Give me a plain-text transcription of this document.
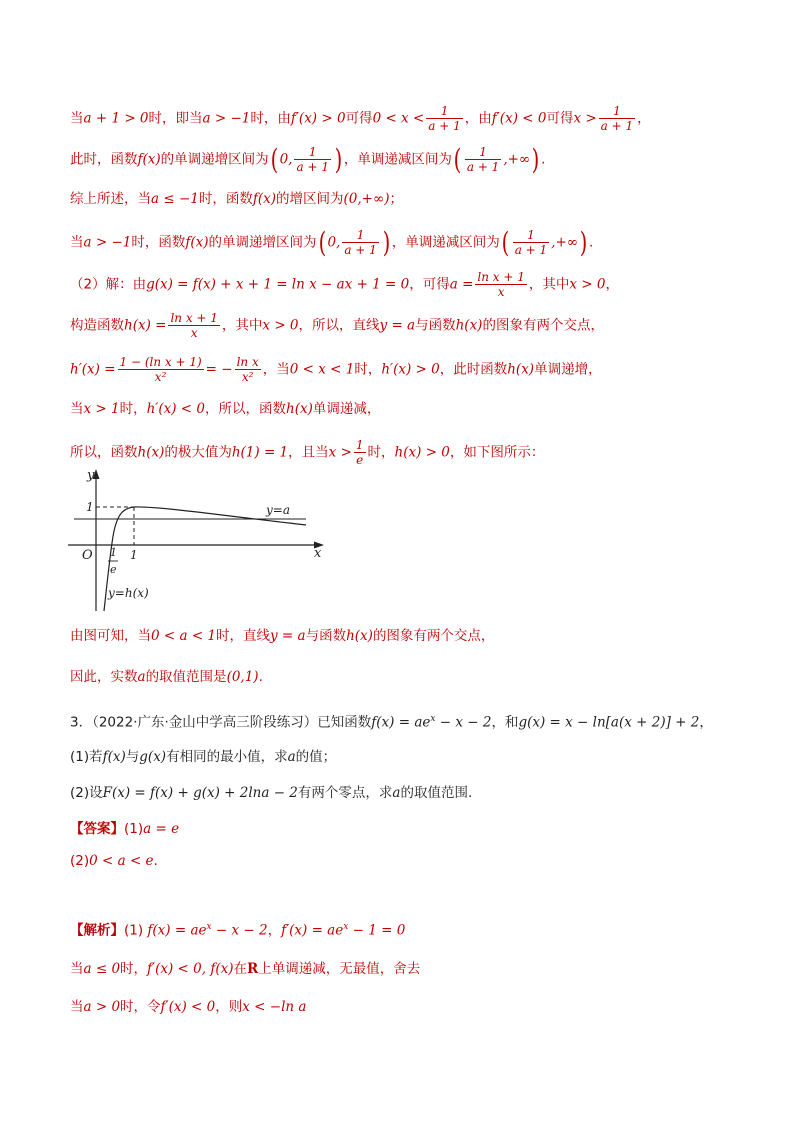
当a + 1 > 0时，即当a > −1时，由f′(x) > 0可得$0 < x < \frac{1}{a + 1}$ ，由f′(x) < 0可得$x > \frac{1}{a + 1}$ ，
此时，函数f(x)的单调递增区间为( 0, $\frac{1}{a + 1}$ ) ，单调递减区间为( $\frac{1}{a + 1}$ ,+∞) .
综上所述，当a ≤ −1时，函数f(x)的增区间为(0,+∞)；
当a > −1时，函数f(x)的单调递增区间为( 0, $\frac{1}{a + 1}$ ) ，单调递减区间为( $\frac{1}{a + 1}$ ,+∞) .
（2）解：由g(x) = f(x) + x + 1 = ln x − ax + 1 = 0，可得$a = \frac{\text{ln x + 1}}{x}$ ，其中x > 0，
构造函数$h(x) = \frac{\text{ln x + 1}}{x}$ ，其中x > 0，所以，直线y = a与函数h(x)的图象有两个交点，
$h'(x) = \frac{\text{1 − (ln x + 1)}}{\text{x²}}$ = − $\frac{\text{ln x}}{\text{x²}}$ ，当0 < x < 1时，h′(x) > 0，此时函数h(x)单调递增，
当x > 1时，h′(x) < 0，所以，函数h(x)单调递减，
所以，函数h(x)的极大值为h(1) = 1，且当$x > \frac{1}{e}$ 时，h(x) > 0，如下图所示：
y
x
O
1
1
1
e
y=a
y=h(x)
由图可知，当0 < a < 1时，直线y = a与函数h(x)的图象有两个交点，
因此，实数a的取值范围是(0,1).
3．（2022·广东·金山中学高三阶段练习）已知函数$f(x) = ae^x - x - 2$，和g(x) = x − ln[a(x + 2)] + 2，
(1)若f(x)与g(x)有相同的最小值，求a的值；
(2)设F(x) = f(x) + g(x) + 2lna − 2有两个零点，求a的取值范围.
【答案】(1)a = e
(2)0 < a < e.
【解析】(1) $f(x) = ae^x - x - 2$，$f'(x) = ae^x - 1 = 0$
当a ≤ 0时，f′(x) < 0, f(x)在R上单调递减，无最值，舍去
当a > 0时，令f′(x) < 0，则x < −ln a
